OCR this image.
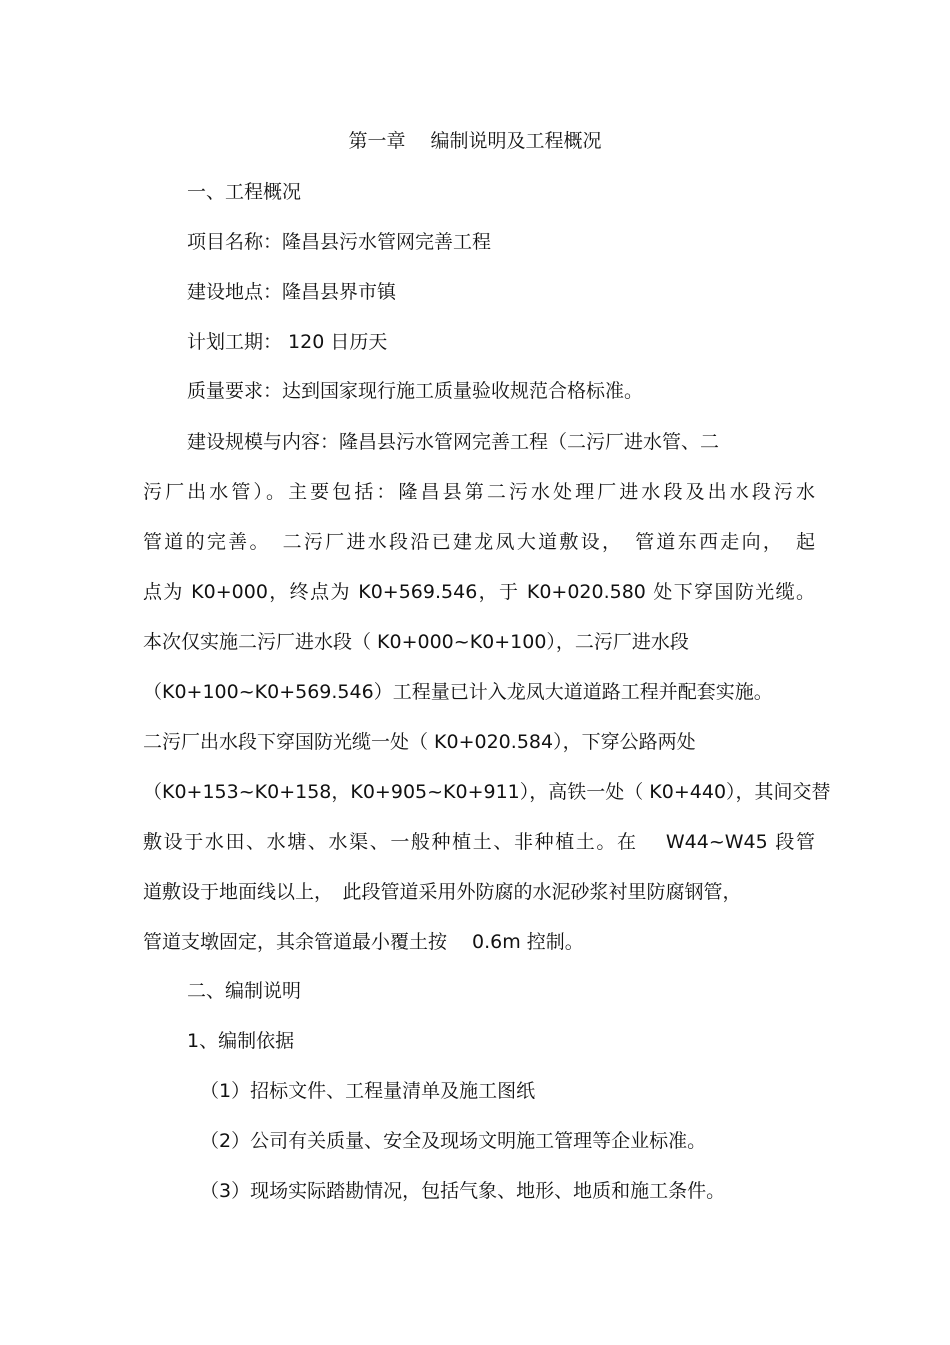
第一章　 编制说明及工程概况
一、工程概况
项目名称：隆昌县污水管网完善工程
建设地点：隆昌县界市镇
计划工期： 120 日历天
质量要求：达到国家现行施工质量验收规范合格标准。
建设规模与内容：隆昌县污水管网完善工程（二污厂进水管、二
污厂出水管）。主要包括：隆昌县第二污水处理厂进水段及出水段污水
管道的完善。　二污厂进水段沿已建龙凤大道敷设，　管道东西走向，　起
点为 K0+000，终点为 K0+569.546，于 K0+020.580 处下穿国防光缆。
本次仅实施二污厂进水段（ K0+000~K0+100），二污厂进水段
（K0+100~K0+569.546）工程量已计入龙凤大道道路工程并配套实施。
二污厂出水段下穿国防光缆一处（ K0+020.584），下穿公路两处
（K0+153~K0+158，K0+905~K0+911），高铁一处（ K0+440），其间交替
敷设于水田、水塘、水渠、一般种植土、非种植土。在　 W44~W45 段管
道敷设于地面线以上，　此段管道采用外防腐的水泥砂浆衬里防腐钢管，
管道支墩固定，其余管道最小覆土按　 0.6m 控制。
二、编制说明
1、编制依据
（1）招标文件、工程量清单及施工图纸
（2）公司有关质量、安全及现场文明施工管理等企业标准。
（3）现场实际踏勘情况，包括气象、地形、地质和施工条件。
